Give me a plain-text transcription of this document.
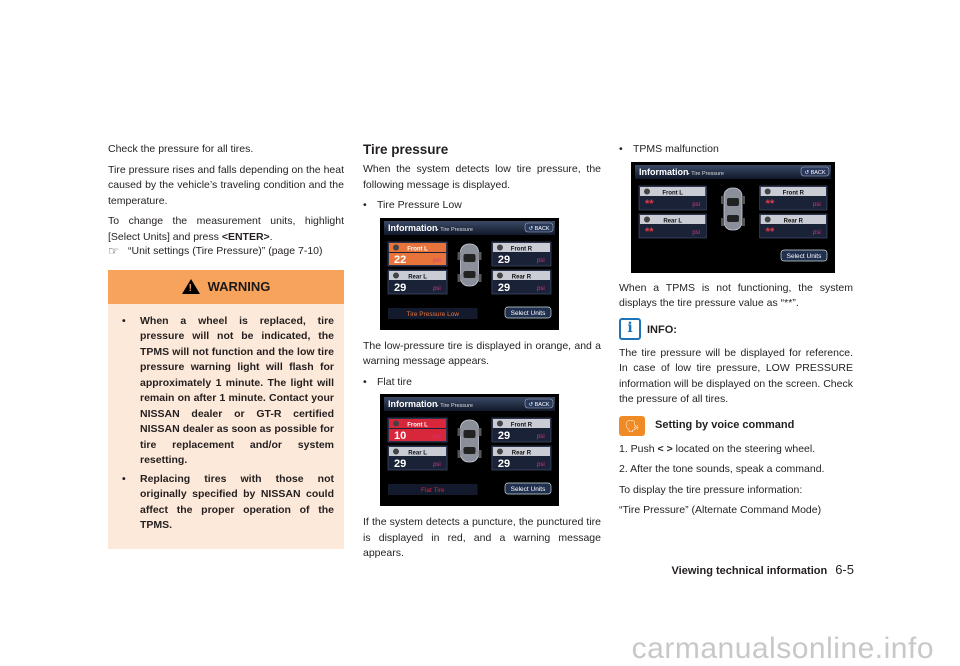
Check the pressure for all tires.

Tire pressure rises and falls depending on the heat caused by the vehicle’s traveling condition and the temperature.

To change the measurement units, highlight [Select Units] and press <ENTER>.

☞ “Unit settings (Tire Pressure)” (page 7-10)
!
WARNING
• When a wheel is replaced, tire pressure will not be indicated, the TPMS will not function and the low tire pressure warning light will flash for approximately 1 minute. The light will remain on after 1 minute. Contact your NISSAN dealer or GT-R certified NISSAN dealer as soon as possible for tire replacement and/or system resetting.
• Replacing tires with those not originally specified by NISSAN could affect the proper operation of the TPMS.
Tire pressure

When the system detects low tire pressure, the following message is displayed.

• Tire Pressure Low
Information
▸ Tire Pressure	↺ BACK
Front L
22	psi
Front R
29	psi
Rear L
29	psi
Rear R
29	psi
Tire Pressure Low	Select Units

The low-pressure tire is displayed in orange, and a warning message appears.

• Flat tire
Information
▸ Tire Pressure	↺ BACK
Front L
10	psi
Front R
29	psi
Rear L
29	psi
Rear R
29	psi
Flat Tire	Select Units

If the system detects a puncture, the punctured tire is displayed in red, and a warning message appears.

• TPMS malfunction
Information
▸ Tire Pressure	↺ BACK
Front L
**	psi
Front R
**	psi
Rear L
**	psi
Rear R
**	psi
Select Units

When a TPMS is not functioning, the system displays the tire pressure value as “**”.

i	INFO:

The tire pressure will be displayed for reference. In case of low tire pressure, LOW PRESSURE information will be displayed on the screen. Check the pressure of all tires.

🗣	Setting by voice command

1. Push < > located on the steering wheel.

2. After the tone sounds, speak a command.

To display the tire pressure information:

“Tire Pressure” (Alternate Command Mode)

Viewing technical information 6-5
carmanualsonline.info
